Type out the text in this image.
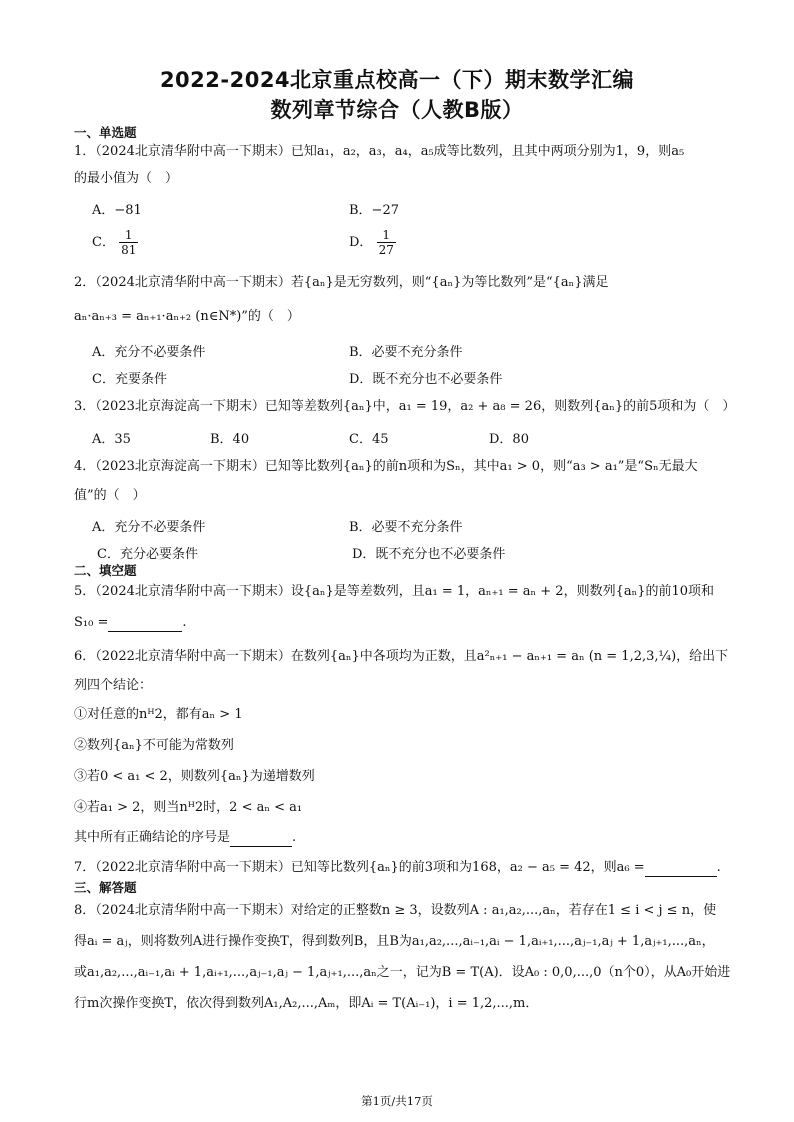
2022-2024北京重点校高一（下）期末数学汇编
数列章节综合（人教B版）
一、单选题
1．（2024北京清华附中高一下期末）已知a₁，a₂，a₃，a₄，a₅成等比数列，且其中两项分别为1，9，则a₅
的最小值为（　）
A．−81	B．−27
C． $\frac{1}{81}$	D． $\frac{1}{27}$
2．（2024北京清华附中高一下期末）若{aₙ}是无穷数列，则“{aₙ}为等比数列”是“{aₙ}满足
aₙ·aₙ₊₃ = aₙ₊₁·aₙ₊₂ (n∈N*)”的（　）
A．充分不必要条件	B．必要不充分条件
C．充要条件	D．既不充分也不必要条件
3．（2023北京海淀高一下期末）已知等差数列{aₙ}中，a₁ = 19，a₂ + a₈ = 26，则数列{aₙ}的前5项和为（　）
A．35	B．40	C．45	D．80
4．（2023北京海淀高一下期末）已知等比数列{aₙ}的前n项和为Sₙ，其中a₁ > 0，则“a₃ > a₁”是“Sₙ无最大
值”的（　）
A．充分不必要条件	B．必要不充分条件
C．充分必要条件	D．既不充分也不必要条件
二、填空题
5．（2024北京清华附中高一下期末）设{aₙ}是等差数列，且a₁ = 1，aₙ₊₁ = aₙ + 2，则数列{aₙ}的前10项和
S₁₀ =	.
6．（2022北京清华附中高一下期末）在数列{aₙ}中各项均为正数，且a²ₙ₊₁ − aₙ₊₁ = aₙ (n = 1,2,3,¼)，给出下
列四个结论：
①对任意的n⁠ᴴ2，都有aₙ > 1
②数列{aₙ}不可能为常数列
③若0 < a₁ < 2，则数列{aₙ}为递增数列
④若a₁ > 2，则当nᴴ2时，2 < aₙ < a₁
其中所有正确结论的序号是	.
7．（2022北京清华附中高一下期末）已知等比数列{aₙ}的前3项和为168，a₂ − a₅ = 42，则a₆ =	.
三、解答题
8．（2024北京清华附中高一下期末）对给定的正整数n ≥ 3，设数列A : a₁,a₂,...,aₙ，若存在1 ≤ i < j ≤ n，使
得aᵢ = aⱼ，则将数列A进行操作变换T，得到数列B，且B为a₁,a₂,...,aᵢ₋₁,aᵢ − 1,aᵢ₊₁,...,aⱼ₋₁,aⱼ + 1,aⱼ₊₁,...,aₙ，
或a₁,a₂,...,aᵢ₋₁,aᵢ + 1,aᵢ₊₁,...,aⱼ₋₁,aⱼ − 1,aⱼ₊₁,...,aₙ之一，记为B = T(A)．设A₀ : 0,0,...,0（n个0），从A₀开始进
行m次操作变换T，依次得到数列A₁,A₂,...,Aₘ，即Aᵢ = T(Aᵢ₋₁)，i = 1,2,...,m．
第1页/共17页
